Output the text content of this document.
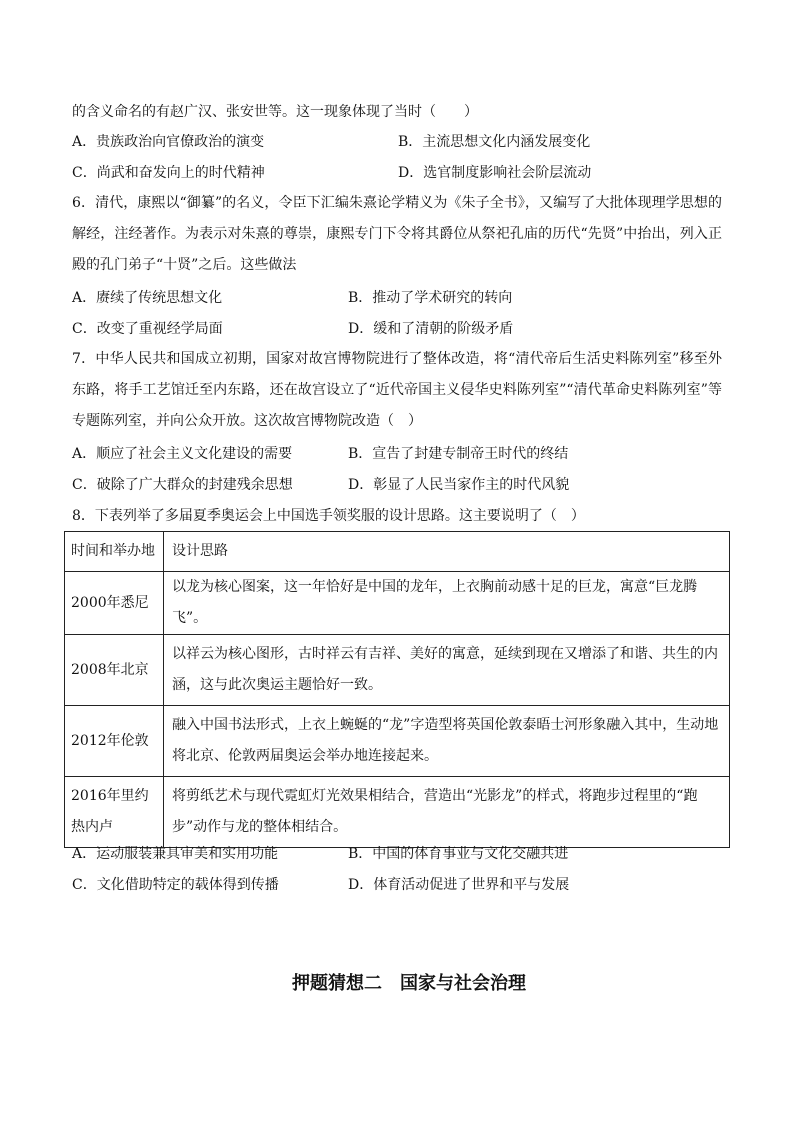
的含义命名的有赵广汉、张安世等。这一现象体现了当时（　　）
A．贵族政治向官僚政治的演变	B．主流思想文化内涵发展变化
C．尚武和奋发向上的时代精神	D．选官制度影响社会阶层流动
6．清代，康熙以“御纂”的名义，令臣下汇编朱熹论学精义为《朱子全书》，又编写了大批体现理学思想的解经，注经著作。为表示对朱熹的尊崇，康熙专门下令将其爵位从祭祀孔庙的历代“先贤”中抬出，列入正殿的孔门弟子“十贤”之后。这些做法
A．赓续了传统思想文化	B．推动了学术研究的转向
C．改变了重视经学局面	D．缓和了清朝的阶级矛盾
7．中华人民共和国成立初期，国家对故宫博物院进行了整体改造，将“清代帝后生活史料陈列室”移至外东路，将手工艺馆迁至内东路，还在故宫设立了“近代帝国主义侵华史料陈列室”“清代革命史料陈列室”等专题陈列室，并向公众开放。这次故宫博物院改造（　）
A．顺应了社会主义文化建设的需要	B．宣告了封建专制帝王时代的终结
C．破除了广大群众的封建残余思想	D．彰显了人民当家作主的时代风貌
8．下表列举了多届夏季奥运会上中国选手领奖服的设计思路。这主要说明了（　）
时间和举办地	设计思路
2000年悉尼	以龙为核心图案，这一年恰好是中国的龙年，上衣胸前动感十足的巨龙，寓意“巨龙腾飞”。
2008年北京	以祥云为核心图形，古时祥云有吉祥、美好的寓意，延续到现在又增添了和谐、共生的内涵，这与此次奥运主题恰好一致。
2012年伦敦	融入中国书法形式，上衣上蜿蜒的“龙”字造型将英国伦敦泰晤士河形象融入其中，生动地将北京、伦敦两届奥运会举办地连接起来。
2016年里约热内卢	将剪纸艺术与现代霓虹灯光效果相结合，营造出“光影龙”的样式，将跑步过程里的“跑步”动作与龙的整体相结合。
A．运动服装兼具审美和实用功能	B．中国的体育事业与文化交融共进
C．文化借助特定的载体得到传播	D．体育活动促进了世界和平与发展
押题猜想二　国家与社会治理
